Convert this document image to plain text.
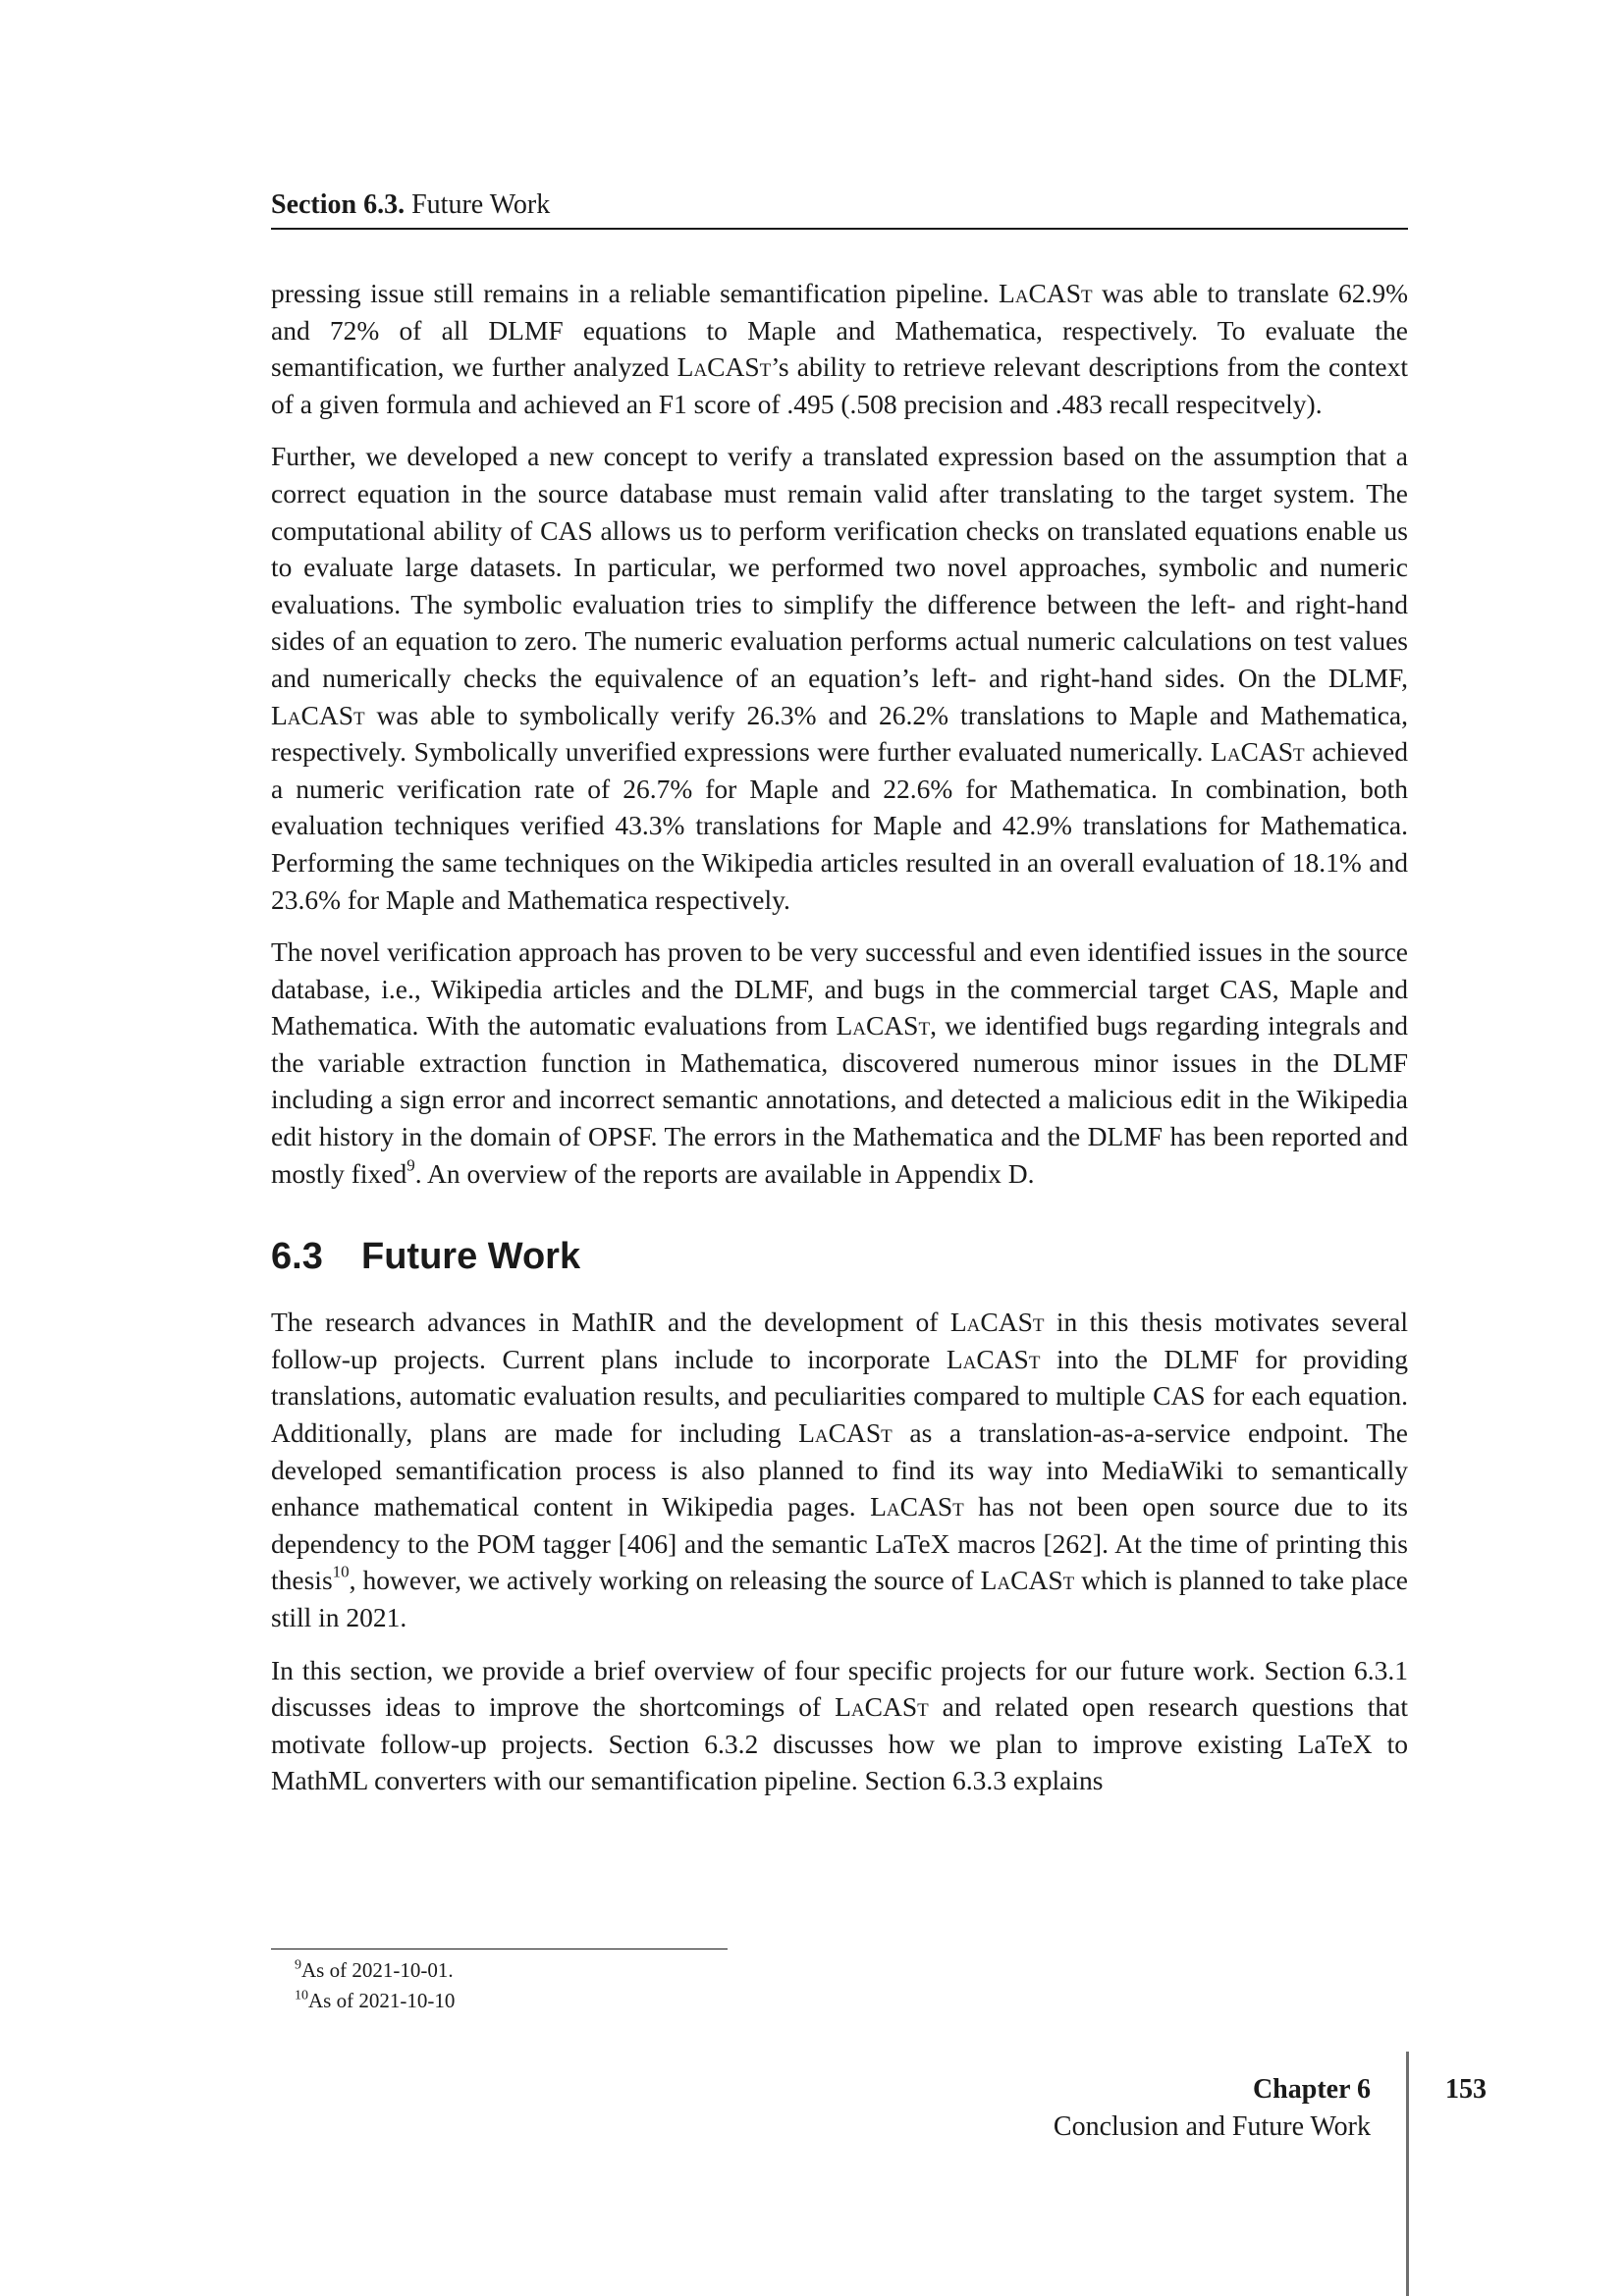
Section 6.3. Future Work

pressing issue still remains in a reliable semantification pipeline. LaCASt was able to translate 62.9% and 72% of all DLMF equations to Maple and Mathematica, respectively. To evaluate the semantification, we further analyzed LaCASt’s ability to retrieve relevant descriptions from the context of a given formula and achieved an F1 score of .495 (.508 precision and .483 recall respecitvely).

Further, we developed a new concept to verify a translated expression based on the assumption that a correct equation in the source database must remain valid after translating to the target system. The computational ability of CAS allows us to perform verification checks on translated equations enable us to evaluate large datasets. In particular, we performed two novel approaches, symbolic and numeric evaluations. The symbolic evaluation tries to simplify the difference between the left- and right-hand sides of an equation to zero. The numeric evaluation performs actual numeric calculations on test values and numerically checks the equivalence of an equation’s left- and right-hand sides. On the DLMF, LaCASt was able to symbolically verify 26.3% and 26.2% translations to Maple and Mathematica, respectively. Symbolically unverified expressions were further evaluated numerically. LaCASt achieved a numeric verification rate of 26.7% for Maple and 22.6% for Mathematica. In combination, both evaluation techniques verified 43.3% translations for Maple and 42.9% translations for Mathematica. Performing the same techniques on the Wikipedia articles resulted in an overall evaluation of 18.1% and 23.6% for Maple and Mathematica respectively.

The novel verification approach has proven to be very successful and even identified issues in the source database, i.e., Wikipedia articles and the DLMF, and bugs in the commercial target CAS, Maple and Mathematica. With the automatic evaluations from LaCASt, we identified bugs regarding integrals and the variable extraction function in Mathematica, discovered numerous minor issues in the DLMF including a sign error and incorrect semantic annotations, and detected a malicious edit in the Wikipedia edit history in the domain of OPSF. The errors in the Mathematica and the DLMF has been reported and mostly fixed$^9$. An overview of the reports are available in Appendix D.

6.3 Future Work

The research advances in MathIR and the development of LaCASt in this thesis motivates several follow-up projects. Current plans include to incorporate LaCASt into the DLMF for providing translations, automatic evaluation results, and peculiarities compared to multiple CAS for each equation. Additionally, plans are made for including LaCASt as a translation-as-a-service endpoint. The developed semantification process is also planned to find its way into MediaWiki to semantically enhance mathematical content in Wikipedia pages. LaCASt has not been open source due to its dependency to the POM tagger [406] and the semantic LaTeX macros [262]. At the time of printing this thesis$^{10}$, however, we actively working on releasing the source of LaCASt which is planned to take place still in 2021.

In this section, we provide a brief overview of four specific projects for our future work. Section 6.3.1 discusses ideas to improve the shortcomings of LaCASt and related open research questions that motivate follow-up projects. Section 6.3.2 discusses how we plan to improve existing LaTeX to MathML converters with our semantification pipeline. Section 6.3.3 explains

$^9$As of 2021-10-01.
$^{10}$As of 2021-10-10
Chapter 6
Conclusion and Future Work
153
